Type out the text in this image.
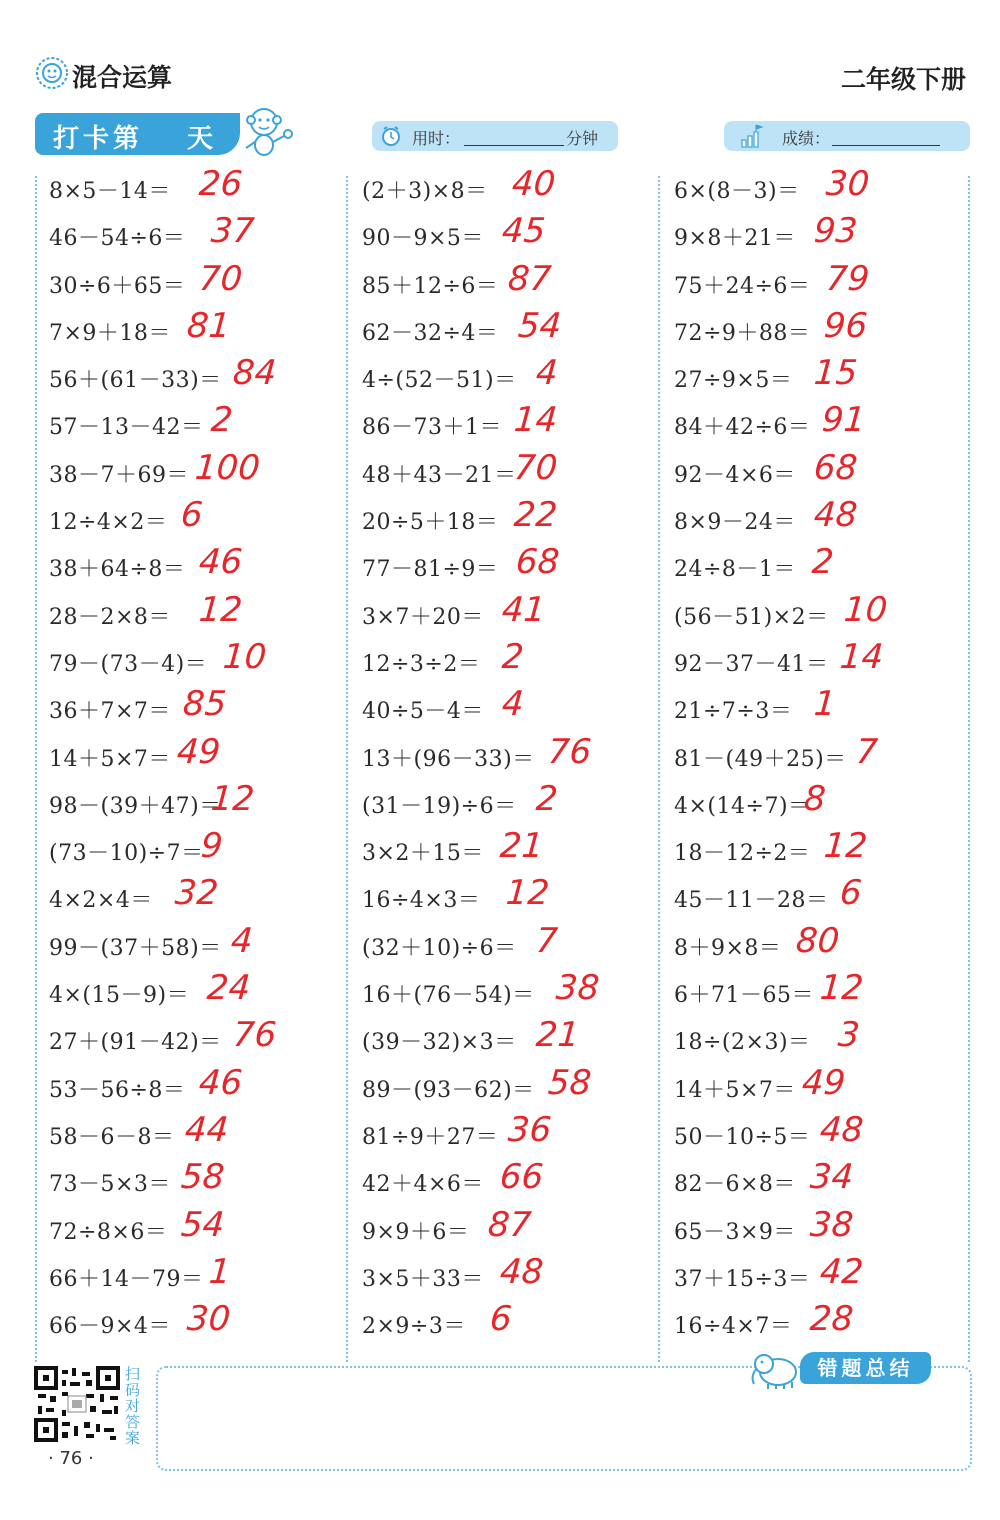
混合运算	二年级下册
打卡第 天	用时：	分钟	成绩：
8×5－14＝ 26
46－54÷6＝ 37
30÷6＋65＝ 70
7×9＋18＝ 81
56＋(61－33)＝ 84
57－13－42＝ 2
38－7＋69＝ 100
12÷4×2＝ 6
38＋64÷8＝ 46
28－2×8＝ 12
79－(73－4)＝ 10
36＋7×7＝ 85
14＋5×7＝ 49
98－(39＋47)＝
12
(73－10)÷7＝
9
4×2×4＝ 32
99－(37＋58)＝ 4
4×(15－9)＝ 24
27＋(91－42)＝ 76
53－56÷8＝ 46
58－6－8＝ 44
73－5×3＝ 58
72÷8×6＝ 54
66＋14－79＝ 1
66－9×4＝ 30
(2＋3)×8＝ 40
90－9×5＝ 45
85＋12÷6＝ 87
62－32÷4＝ 54
4÷(52－51)＝ 4
86－73＋1＝ 14
48＋43－21＝
70
20÷5＋18＝ 22
77－81÷9＝ 68
3×7＋20＝ 41
12÷3÷2＝ 2
40÷5－4＝ 4
13＋(96－33)＝ 76
(31－19)÷6＝ 2
3×2＋15＝ 21
16÷4×3＝ 12
(32＋10)÷6＝ 7
16＋(76－54)＝ 38
(39－32)×3＝ 21
89－(93－62)＝ 58
81÷9＋27＝ 36
42＋4×6＝ 66
9×9＋6＝ 87
3×5＋33＝ 48
2×9÷3＝ 6
6×(8－3)＝ 30
9×8＋21＝ 93
75＋24÷6＝ 79
72÷9＋88＝ 96
27÷9×5＝ 15
84＋42÷6＝ 91
92－4×6＝ 68
8×9－24＝ 48
24÷8－1＝ 2
(56－51)×2＝ 10
92－37－41＝ 14
21÷7÷3＝ 1
81－(49＋25)＝ 7
4×(14÷7)＝
8
18－12÷2＝ 12
45－11－28＝ 6
8＋9×8＝ 80
6＋71－65＝ 12
18÷(2×3)＝ 3
14＋5×7＝ 49
50－10÷5＝ 48
82－6×8＝ 34
65－3×9＝ 38
37＋15÷3＝ 42
16÷4×7＝ 28
扫码对答案
· 76 ·
错题总结
